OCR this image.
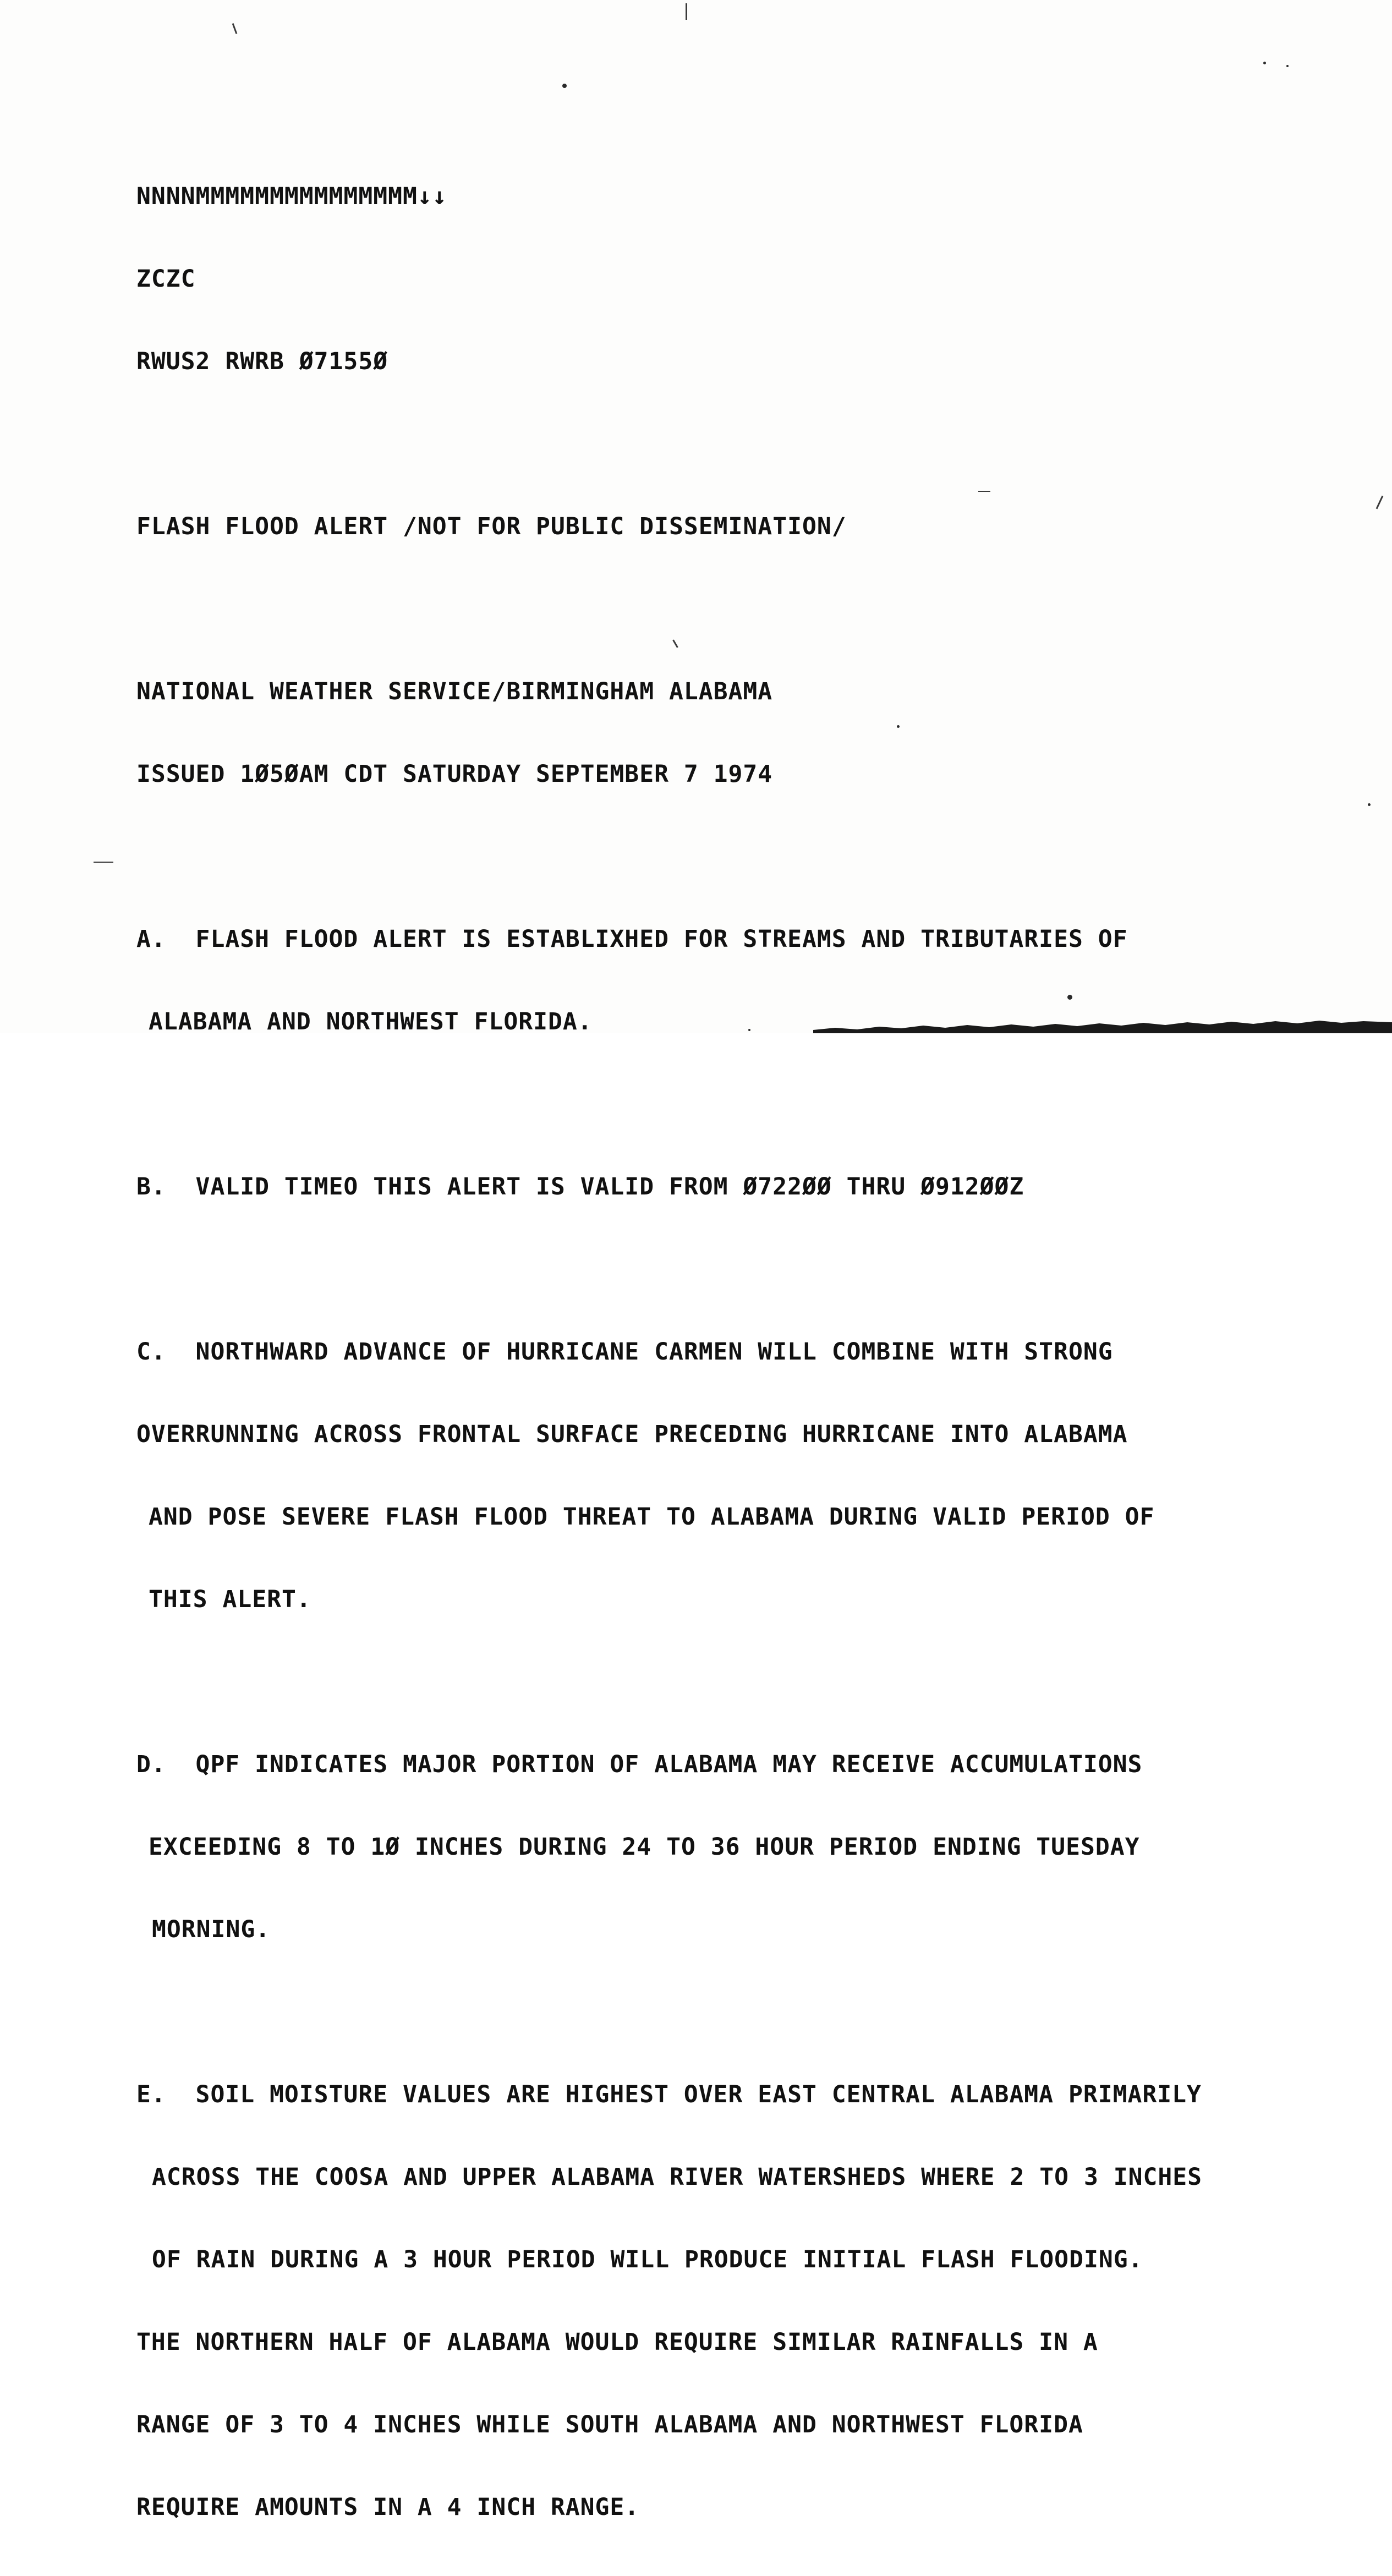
NNNNMMMMMMMMMMMMMMM↓↓

ZCZC

RWUS2 RWRB Ø7155Ø

FLASH FLOOD ALERT /NOT FOR PUBLIC DISSEMINATION/

NATIONAL WEATHER SERVICE/BIRMINGHAM ALABAMA

ISSUED 1Ø5ØAM CDT SATURDAY SEPTEMBER 7 1974

A.  FLASH FLOOD ALERT IS ESTABLIXHED FOR STREAMS AND TRIBUTARIES OF

ALABAMA AND NORTHWEST FLORIDA.

B.  VALID TIMEO THIS ALERT IS VALID FROM Ø722ØØ THRU Ø912ØØZ

C.  NORTHWARD ADVANCE OF HURRICANE CARMEN WILL COMBINE WITH STRONG

OVERRUNNING ACROSS FRONTAL SURFACE PRECEDING HURRICANE INTO ALABAMA

AND POSE SEVERE FLASH FLOOD THREAT TO ALABAMA DURING VALID PERIOD OF

THIS ALERT.

D.  QPF INDICATES MAJOR PORTION OF ALABAMA MAY RECEIVE ACCUMULATIONS

EXCEEDING 8 TO 1Ø INCHES DURING 24 TO 36 HOUR PERIOD ENDING TUESDAY

MORNING.

E.  SOIL MOISTURE VALUES ARE HIGHEST OVER EAST CENTRAL ALABAMA PRIMARILY

ACROSS THE COOSA AND UPPER ALABAMA RIVER WATERSHEDS WHERE 2 TO 3 INCHES

OF RAIN DURING A 3 HOUR PERIOD WILL PRODUCE INITIAL FLASH FLOODING.

THE NORTHERN HALF OF ALABAMA WOULD REQUIRE SIMILAR RAINFALLS IN A

RANGE OF 3 TO 4 INCHES WHILE SOUTH ALABAMA AND NORTHWEST FLORIDA

REQUIRE AMOUNTS IN A 4 INCH RANGE.
